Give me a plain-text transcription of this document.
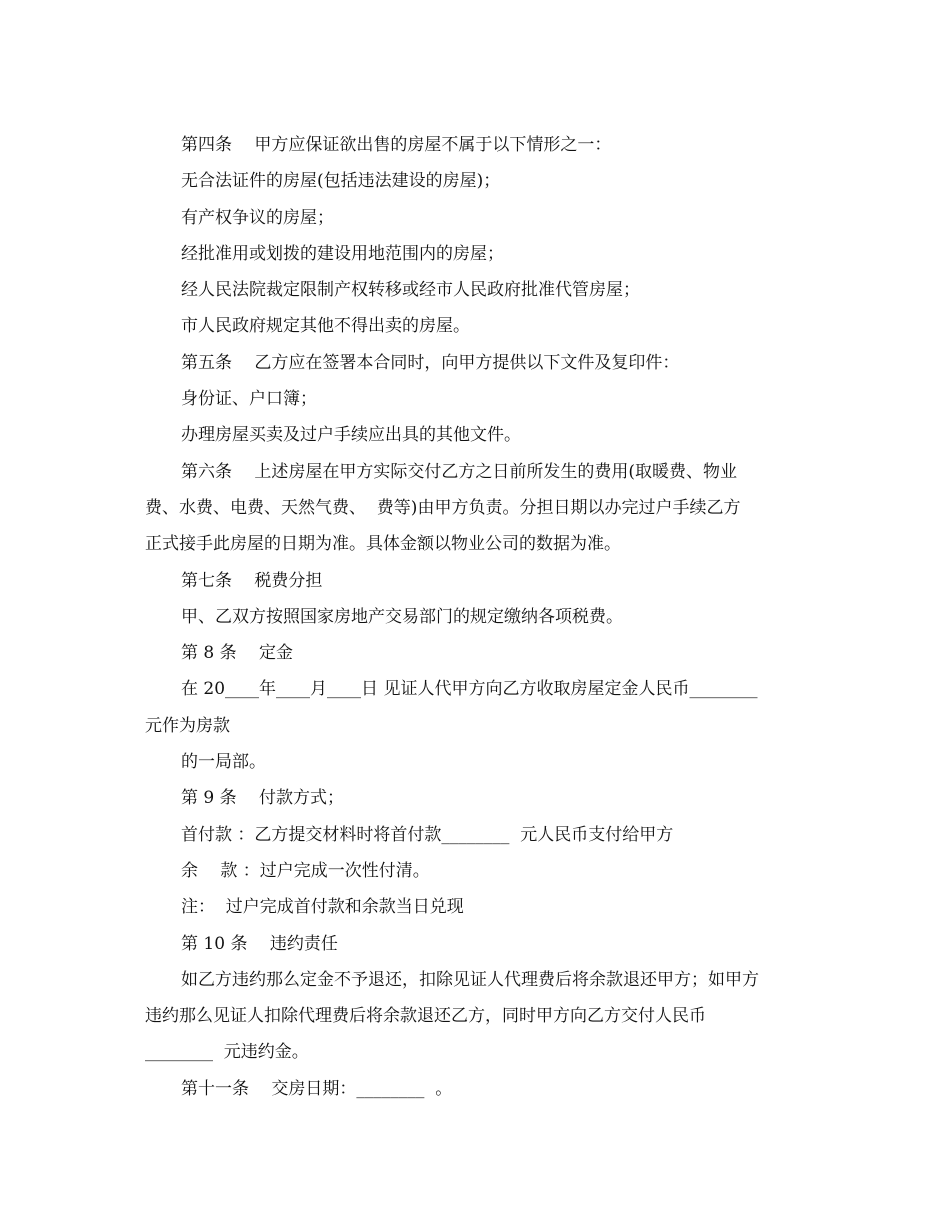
第四条　 甲方应保证欲出售的房屋不属于以下情形之一：
无合法证件的房屋(包括违法建设的房屋)；
有产权争议的房屋；
经批准用或划拨的建设用地范围内的房屋；
经人民法院裁定限制产权转移或经市人民政府批准代管房屋；
市人民政府规定其他不得出卖的房屋。
第五条　 乙方应在签署本合同时，向甲方提供以下文件及复印件：
身份证、户口簿；
办理房屋买卖及过户手续应出具的其他文件。
第六条　 上述房屋在甲方实际交付乙方之日前所发生的费用(取暖费、物业
费、水费、电费、天然气费、  费等)由甲方负责。分担日期以办完过户手续乙方
正式接手此房屋的日期为准。具体金额以物业公司的数据为准。
第七条　 税费分担
甲、乙双方按照国家房地产交易部门的规定缴纳各项税费。
第 8 条　 定金
在 20____年____月____日 见证人代甲方向乙方收取房屋定金人民币________
元作为房款
的一局部。
第 9 条　 付款方式；
首付款 ：乙方提交材料时将首付款________  元人民币支付给甲方
余　 款 ：过户完成一次性付清。
注：  过户完成首付款和余款当日兑现
第 10 条　 违约责任
如乙方违约那么定金不予退还，扣除见证人代理费后将余款退还甲方；如甲方
违约那么见证人扣除代理费后将余款退还乙方，同时甲方向乙方交付人民币
________  元违约金。
第十一条　 交房日期：________  。
